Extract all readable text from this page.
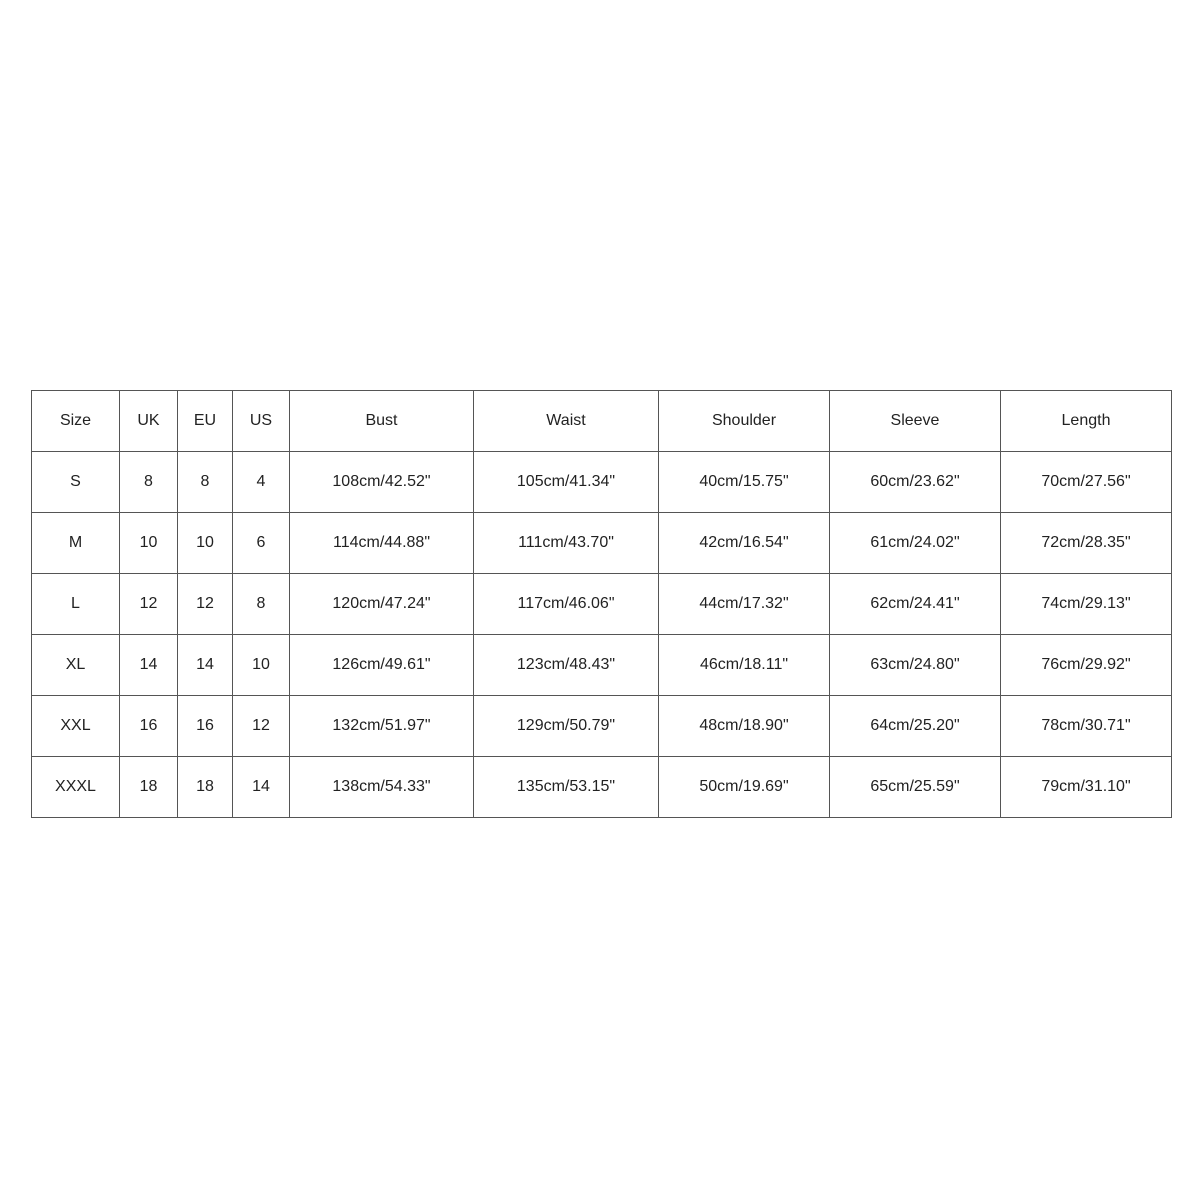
Size	UK	EU	US	Bust	Waist	Shoulder	Sleeve	Length
S	8	8	4	108cm/42.52"	105cm/41.34"	40cm/15.75"	60cm/23.62"	70cm/27.56"
M	10	10	6	114cm/44.88"	111cm/43.70"	42cm/16.54"	61cm/24.02"	72cm/28.35"
L	12	12	8	120cm/47.24"	117cm/46.06"	44cm/17.32"	62cm/24.41"	74cm/29.13"
XL	14	14	10	126cm/49.61"	123cm/48.43"	46cm/18.11"	63cm/24.80"	76cm/29.92"
XXL	16	16	12	132cm/51.97"	129cm/50.79"	48cm/18.90"	64cm/25.20"	78cm/30.71"
XXXL	18	18	14	138cm/54.33"	135cm/53.15"	50cm/19.69"	65cm/25.59"	79cm/31.10"
